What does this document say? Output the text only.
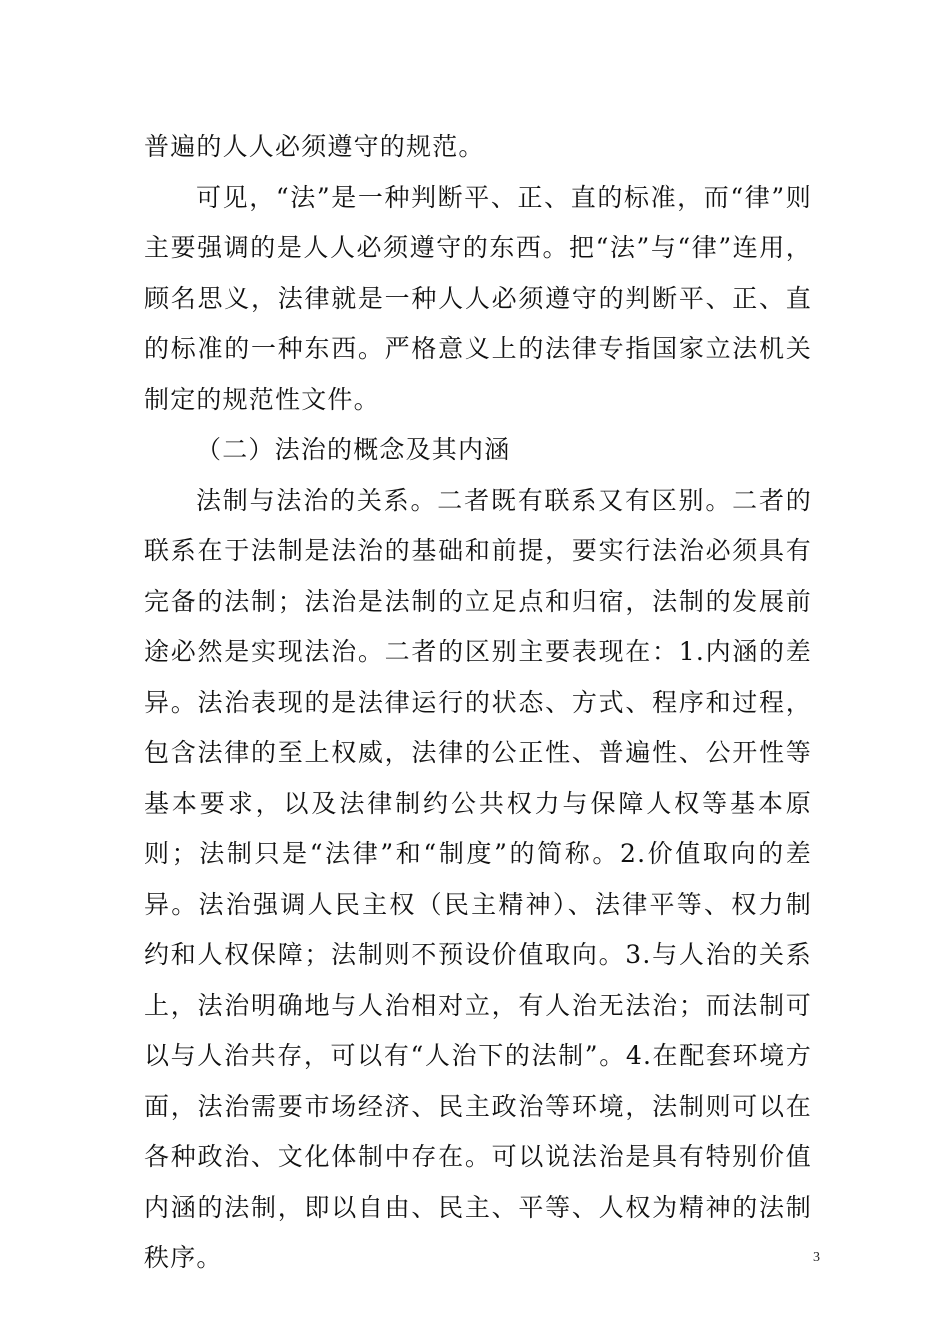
普遍的人人必须遵守的规范。

可见，“法”是一种判断平、正、直的标准，而“律”则主要强调的是人人必须遵守的东西。把“法”与“律”连用，顾名思义，法律就是一种人人必须遵守的判断平、正、直的标准的一种东西。严格意义上的法律专指国家立法机关制定的规范性文件。

（二）法治的概念及其内涵

法制与法治的关系。二者既有联系又有区别。二者的联系在于法制是法治的基础和前提，要实行法治必须具有完备的法制；法治是法制的立足点和归宿，法制的发展前途必然是实现法治。二者的区别主要表现在：1.内涵的差异。法治表现的是法律运行的状态、方式、程序和过程，包含法律的至上权威，法律的公正性、普遍性、公开性等基本要求，以及法律制约公共权力与保障人权等基本原则；法制只是“法律”和“制度”的简称。2.价值取向的差异。法治强调人民主权（民主精神）、法律平等、权力制约和人权保障；法制则不预设价值取向。3.与人治的关系上，法治明确地与人治相对立，有人治无法治；而法制可以与人治共存，可以有“人治下的法制”。4.在配套环境方面，法治需要市场经济、民主政治等环境，法制则可以在各种政治、文化体制中存在。可以说法治是具有特别价值内涵的法制，即以自由、民主、平等、人权为精神的法制秩序。	3
